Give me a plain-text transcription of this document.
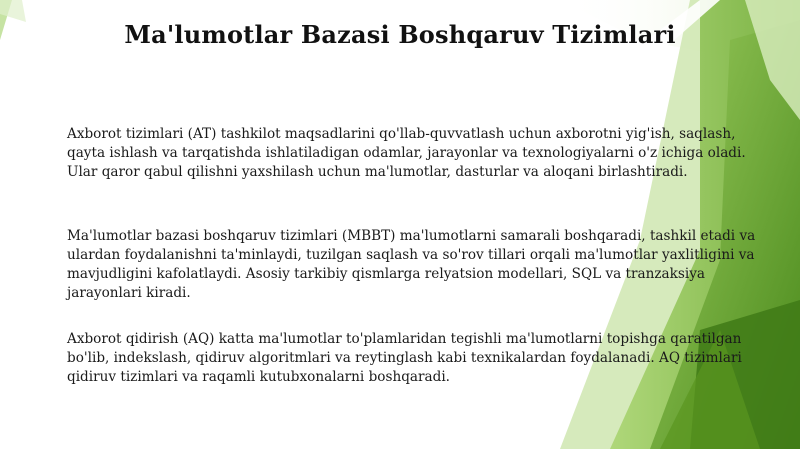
Ma'lumotlar Bazasi Boshqaruv Tizimlari

Axborot tizimlari (AT) tashkilot maqsadlarini qo'llab-quvvatlash uchun axborotni yig'ish, saqlash, qayta ishlash va tarqatishda ishlatiladigan odamlar, jarayonlar va texnologiyalarni o'z ichiga oladi. Ular qaror qabul qilishni yaxshilash uchun ma'lumotlar, dasturlar va aloqani birlashtiradi.

Ma'lumotlar bazasi boshqaruv tizimlari (MBBT) ma'lumotlarni samarali boshqaradi, tashkil etadi va ulardan foydalanishni ta'minlaydi, tuzilgan saqlash va so'rov tillari orqali ma'lumotlar yaxlitligini va mavjudligini kafolatlaydi. Asosiy tarkibiy qismlarga relyatsion modellari, SQL va tranzaksiya jarayonlari kiradi.

Axborot qidirish (AQ) katta ma'lumotlar to'plamlaridan tegishli ma'lumotlarni topishga qaratilgan bo'lib, indekslash, qidiruv algoritmlari va reytinglash kabi texnikalardan foydalanadi. AQ tizimlari qidiruv tizimlari va raqamli kutubxonalarni boshqaradi.
